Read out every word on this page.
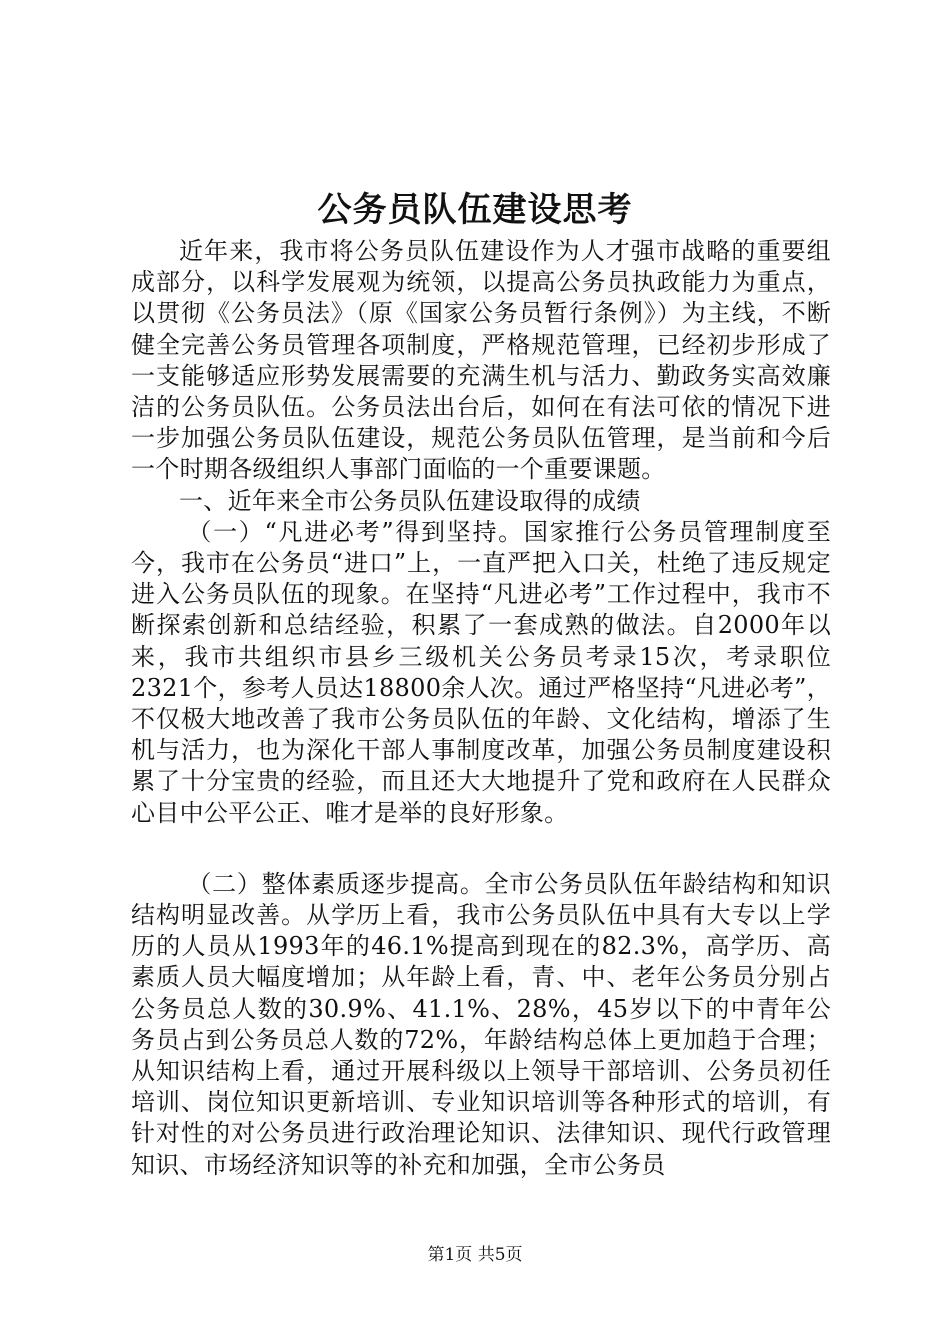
公务员队伍建设思考

近年来，我市将公务员队伍建设作为人才强市战略的重要组成部分，以科学发展观为统领，以提高公务员执政能力为重点，以贯彻《公务员法》（原《国家公务员暂行条例》）为主线，不断健全完善公务员管理各项制度，严格规范管理，已经初步形成了一支能够适应形势发展需要的充满生机与活力、勤政务实高效廉洁的公务员队伍。公务员法出台后，如何在有法可依的情况下进一步加强公务员队伍建设，规范公务员队伍管理，是当前和今后一个时期各级组织人事部门面临的一个重要课题。

一、近年来全市公务员队伍建设取得的成绩

（一）“凡进必考”得到坚持。国家推行公务员管理制度至今，我市在公务员“进口”上，一直严把入口关，杜绝了违反规定进入公务员队伍的现象。在坚持“凡进必考”工作过程中，我市不断探索创新和总结经验，积累了一套成熟的做法。自2000年以来，我市共组织市县乡三级机关公务员考录15次，考录职位2321个，参考人员达18800余人次。通过严格坚持“凡进必考”，不仅极大地改善了我市公务员队伍的年龄、文化结构，增添了生机与活力，也为深化干部人事制度改革，加强公务员制度建设积累了十分宝贵的经验，而且还大大地提升了党和政府在人民群众心目中公平公正、唯才是举的良好形象。

（二）整体素质逐步提高。全市公务员队伍年龄结构和知识结构明显改善。从学历上看，我市公务员队伍中具有大专以上学历的人员从1993年的46.1%提高到现在的82.3%，高学历、高素质人员大幅度增加；从年龄上看，青、中、老年公务员分别占公务员总人数的30.9%、41.1%、28%，45岁以下的中青年公务员占到公务员总人数的72%，年龄结构总体上更加趋于合理；从知识结构上看，通过开展科级以上领导干部培训、公务员初任培训、岗位知识更新培训、专业知识培训等各种形式的培训，有针对性的对公务员进行政治理论知识、法律知识、现代行政管理知识、市场经济知识等的补充和加强，全市公务员

第1页 共5页
